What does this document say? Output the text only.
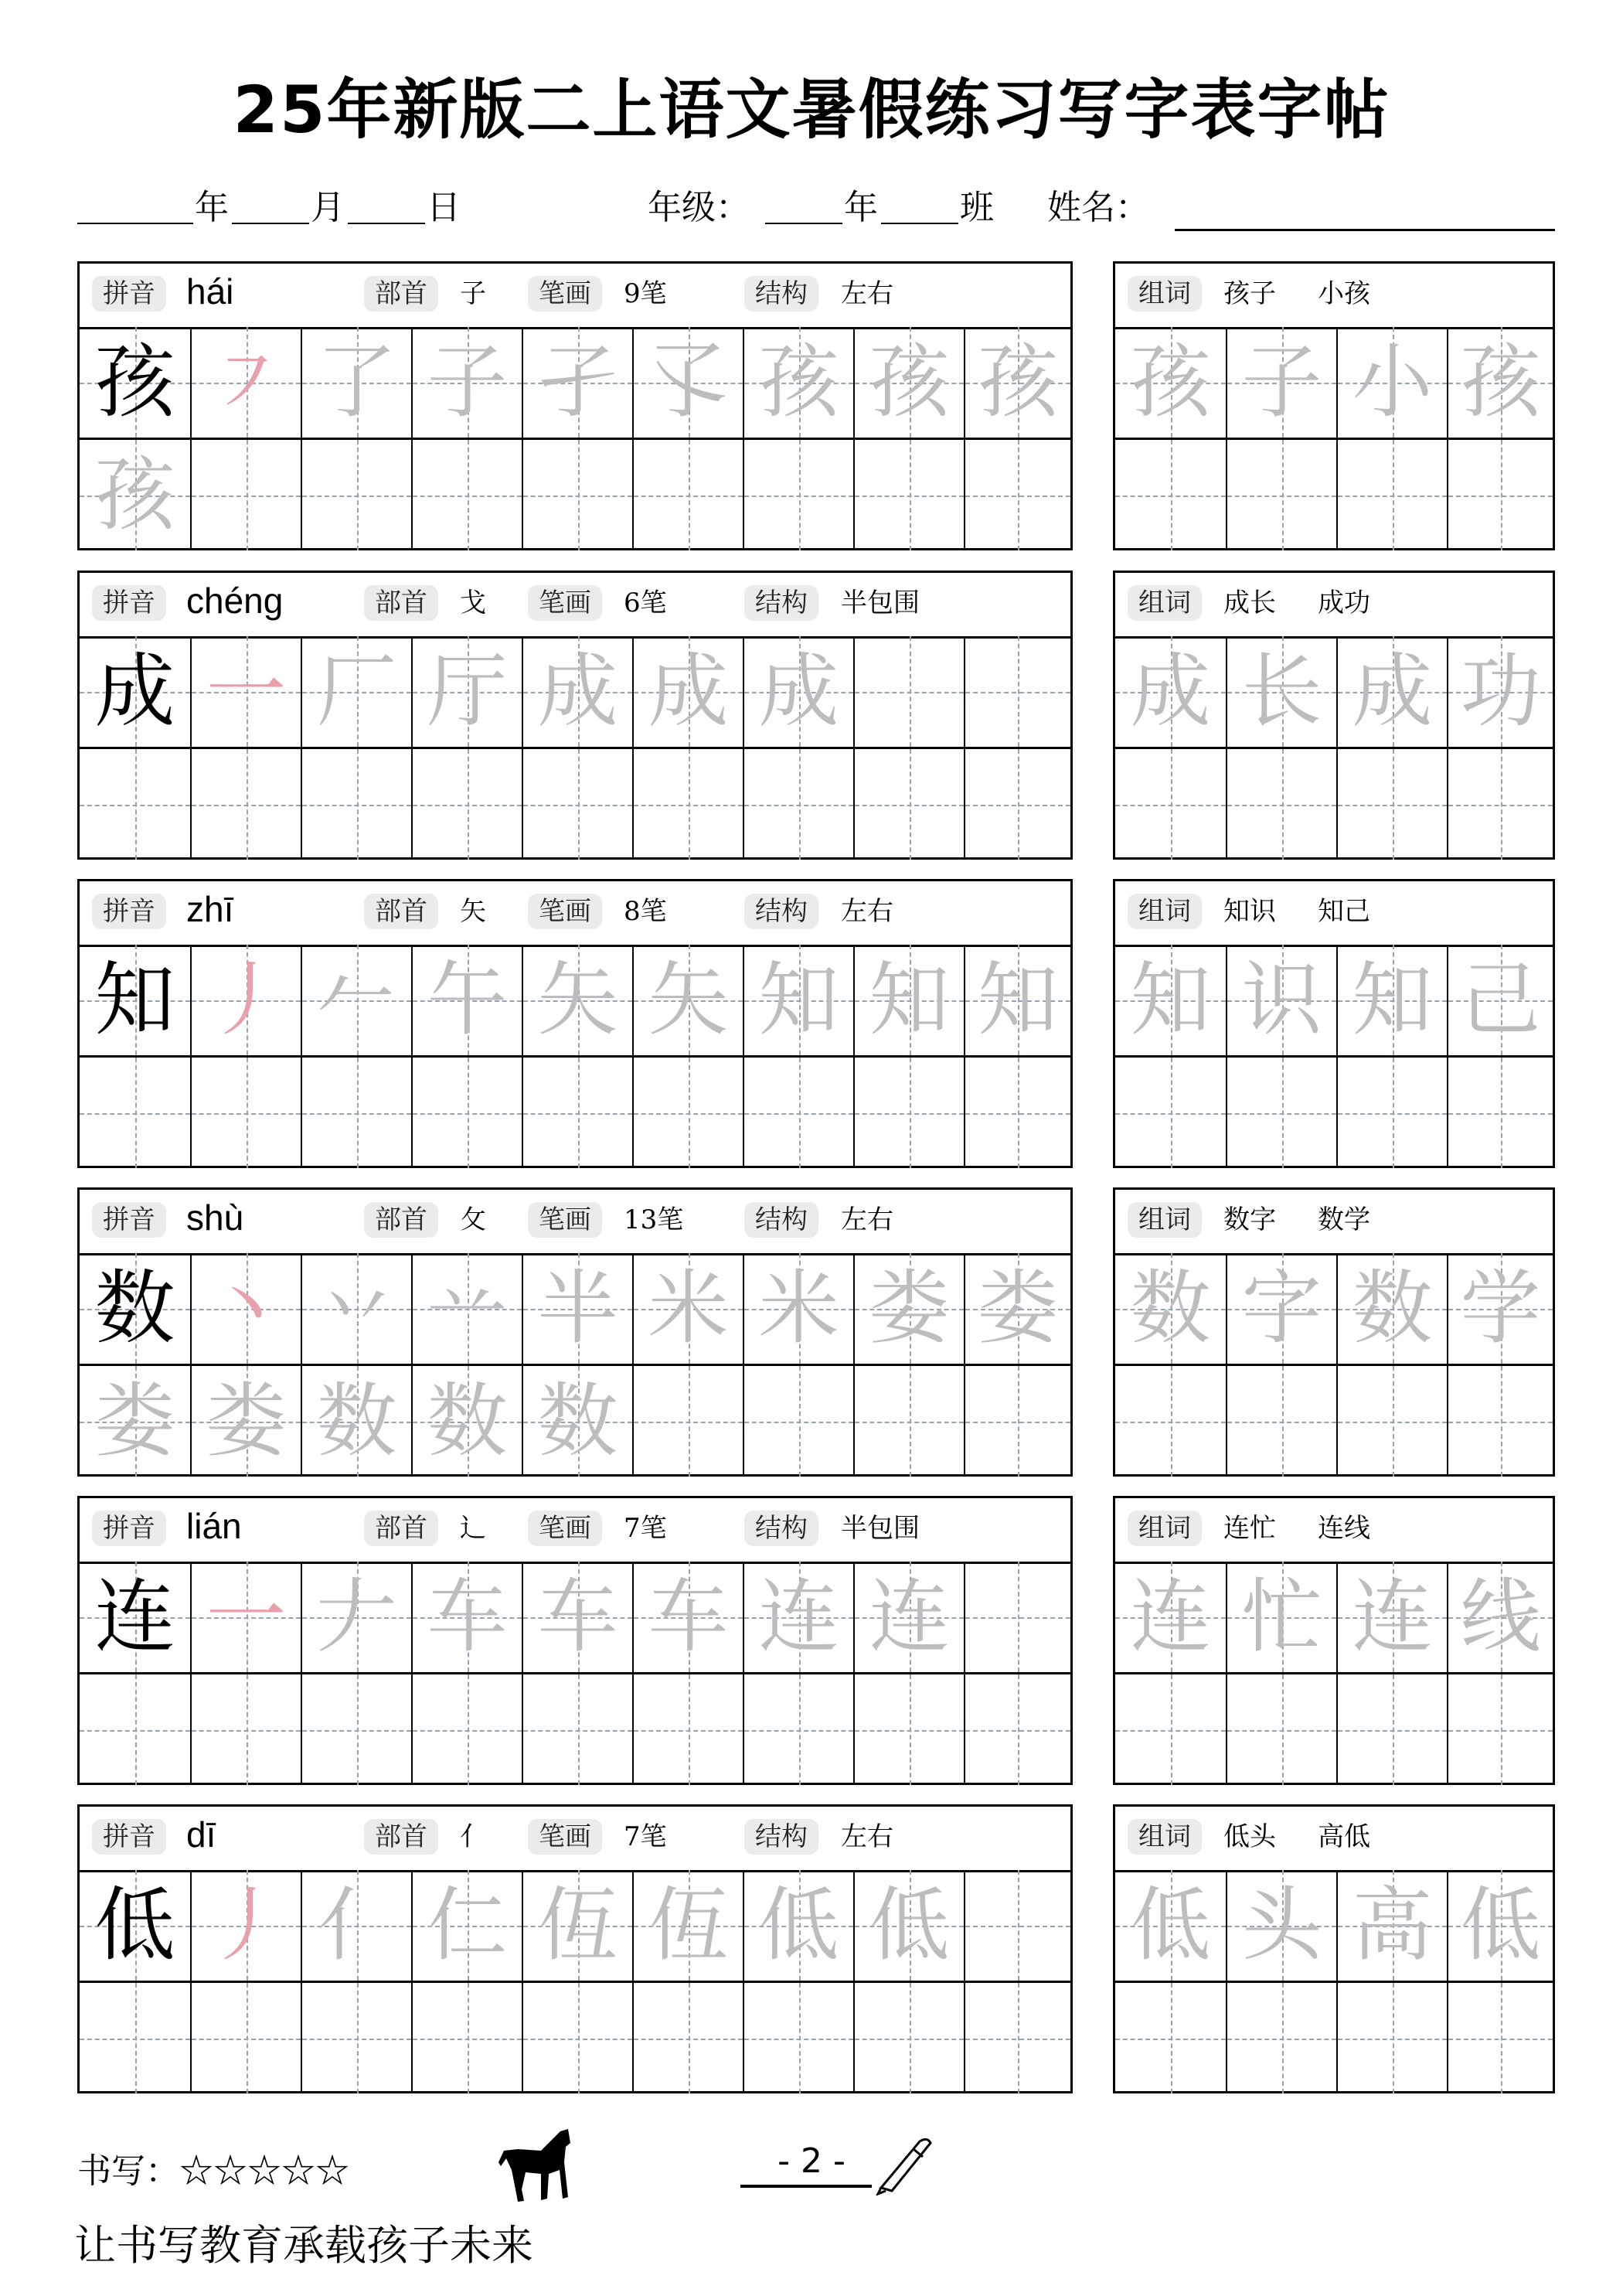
25年新版二上语文暑假练习写字表字帖
年 月 日	年级：	年 班 姓名：
拼音 hái	部首	子	笔画	9笔	结构	左右
孩 ㇇ 了 子 孑 孓 孩 孩 孩
孩
组词	孩子 小孩
孩 子 小 孩
拼音 chéng	部首	戈	笔画	6笔	结构	半包围
成 一 厂 厅 成 成 成
组词	成长 成功
成 长 成 功
拼音 zhī	部首	矢	笔画	8笔	结构	左右
知 丿 𠂉 午 矢 矢 知 知 知
组词	知识 知己
知 识 知 己
拼音 shù	部首	攵	笔画	13笔	结构	左右
数 丶 丷 䒑 半 米 米 娄 娄
娄 娄 数 数 数
组词	数字 数学
数 字 数 学
拼音 lián	部首	辶	笔画	7笔	结构	半包围
连 一 𠂇 车 车 车 连 连
组词	连忙 连线
连 忙 连 线
拼音 dī	部首	亻	笔画	7笔	结构	左右
低 丿 亻 仁 仾 仾 低 低
组词	低头 高低
低 头 高 低
书写：☆☆☆☆☆	- 2 -
让书写教育承载孩子未来
